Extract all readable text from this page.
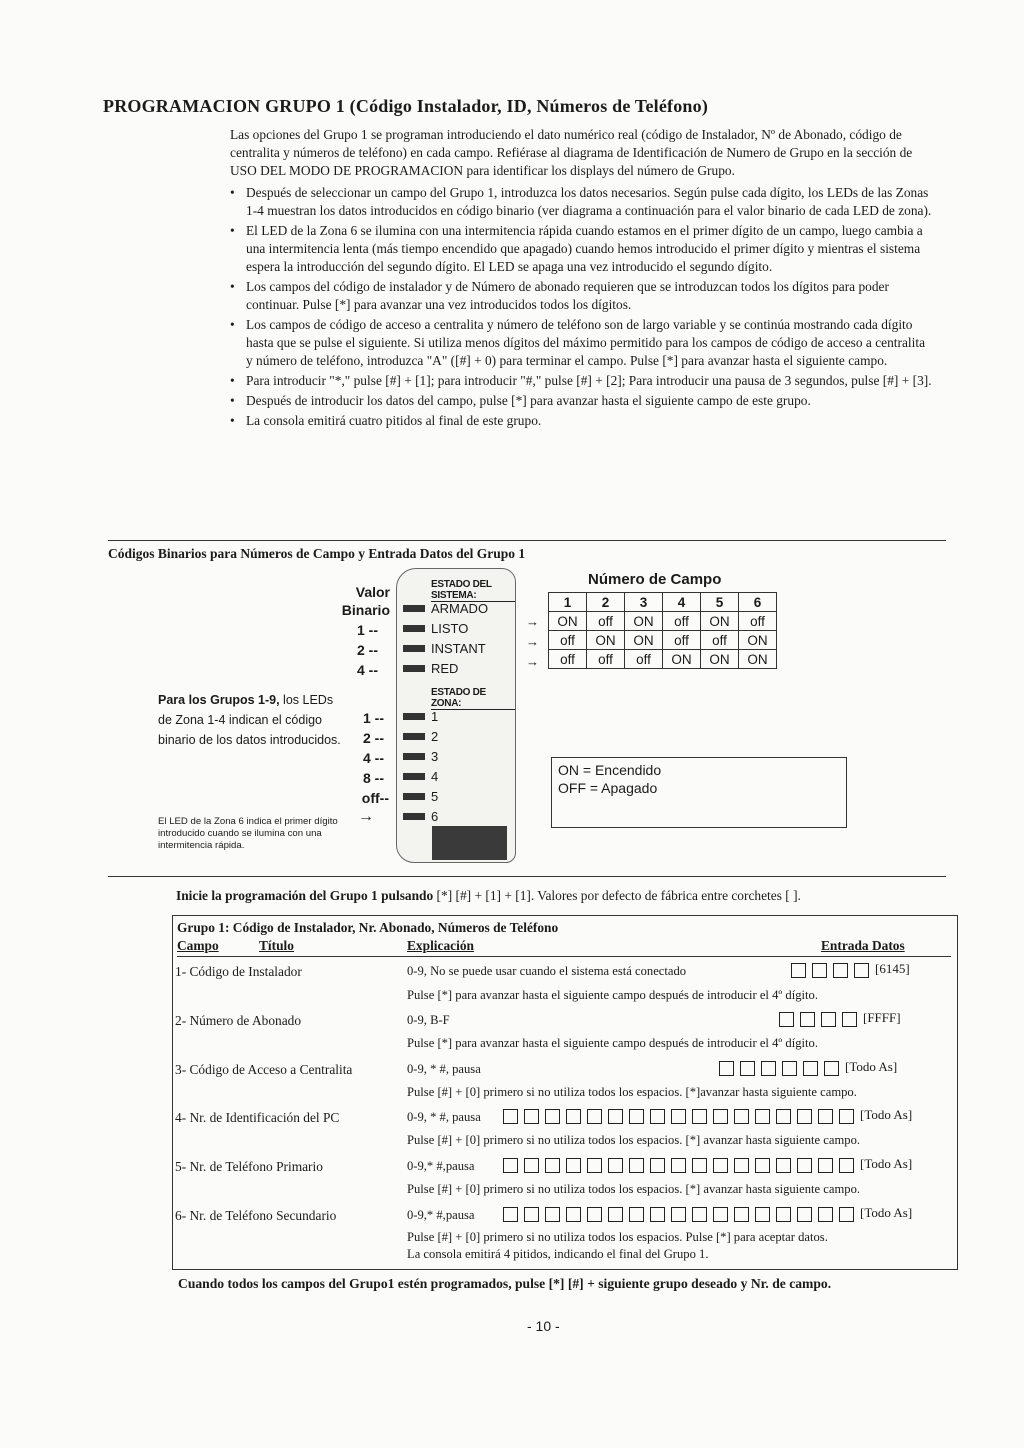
PROGRAMACION GRUPO 1 (Código Instalador, ID, Números de Teléfono)

Las opciones del Grupo 1 se programan introduciendo el dato numérico real (código de Instalador, Nº de Abonado, código de centralita y números de teléfono) en cada campo. Refiérase al diagrama de Identificación de Numero de Grupo en la sección de USO DEL MODO DE PROGRAMACION para identificar los displays del número de Grupo.

• Después de seleccionar un campo del Grupo 1, introduzca los datos necesarios. Según pulse cada dígito, los LEDs de las Zonas 1-4 muestran los datos introducidos en código binario (ver diagrama a continuación para el valor binario de cada LED de zona).
• El LED de la Zona 6 se ilumina con una intermitencia rápida cuando estamos en el primer dígito de un campo, luego cambia a una intermitencia lenta (más tiempo encendido que apagado) cuando hemos introducido el primer dígito y mientras el sistema espera la introducción del segundo dígito. El LED se apaga una vez introducido el segundo dígito.
• Los campos del código de instalador y de Número de abonado requieren que se introduzcan todos los dígitos para poder continuar. Pulse [*] para avanzar una vez introducidos todos los dígitos.
• Los campos de código de acceso a centralita y número de teléfono son de largo variable y se continúa mostrando cada dígito hasta que se pulse el siguiente. Si utiliza menos dígitos del máximo permitido para los campos de código de acceso a centralita y número de teléfono, introduzca "A" ([#] + 0) para terminar el campo. Pulse [*] para avanzar hasta el siguiente campo.
• Para introducir "*," pulse [#] + [1]; para introducir "#," pulse [#] + [2]; Para introducir una pausa de 3 segundos, pulse [#] + [3].
• Después de introducir los datos del campo, pulse [*] para avanzar hasta el siguiente campo de este grupo.
• La consola emitirá cuatro pitidos al final de este grupo.
Códigos Binarios para Números de Campo y Entrada Datos del Grupo 1
Valor
Binario
1 --
2 --
4 --
1 --
2 --
4 --
8 --
off--
Para los Grupos 1-9, los LEDs de Zona 1-4 indican el código binario de los datos introducidos.
El LED de la Zona 6 indica el primer dígito introducido cuando se ilumina con una intermitencia rápida.
→
ESTADO DEL SISTEMA:
ARMADO
LISTO
INSTANT
RED
ESTADO DE ZONA:
1
2
3
4
5
6
Número de Campo
→
→
→
1	2	3	4	5	6
ON	off	ON	off	ON	off
off	ON	ON	off	off	ON
off	off	off	ON	ON	ON
ON = Encendido
OFF = Apagado
Inicie la programación del Grupo 1 pulsando [*] [#] + [1] + [1]. Valores por defecto de fábrica entre corchetes [ ].
Grupo 1: Código de Instalador, Nr. Abonado, Números de Teléfono
Campo	Título	Explicación	Entrada Datos
1- Código de Instalador	0-9, No se puede usar cuando el sistema está conectado	[6145]
Pulse [*] para avanzar hasta el siguiente campo después de introducir el 4º dígito.
2- Número de Abonado	0-9, B-F	[FFFF]
Pulse [*] para avanzar hasta el siguiente campo después de introducir el 4º dígito.
3- Código de Acceso a Centralita	0-9, * #, pausa	[Todo As]
Pulse [#] + [0] primero si no utiliza todos los espacios. [*]avanzar hasta siguiente campo.
4- Nr. de Identificación del PC	0-9, * #, pausa	[Todo As]
Pulse [#] + [0] primero si no utiliza todos los espacios. [*] avanzar hasta siguiente campo.
5- Nr. de Teléfono Primario	0-9,* #,pausa	[Todo As]
Pulse [#] + [0] primero si no utiliza todos los espacios. [*] avanzar hasta siguiente campo.
6- Nr. de Teléfono Secundario	0-9,* #,pausa	[Todo As]
Pulse [#] + [0] primero si no utiliza todos los espacios. Pulse [*] para aceptar datos.
La consola emitirá 4 pitidos, indicando el final del Grupo 1.
Cuando todos los campos del Grupo1 estén programados, pulse [*] [#] + siguiente grupo deseado y Nr. de campo.
- 10 -
